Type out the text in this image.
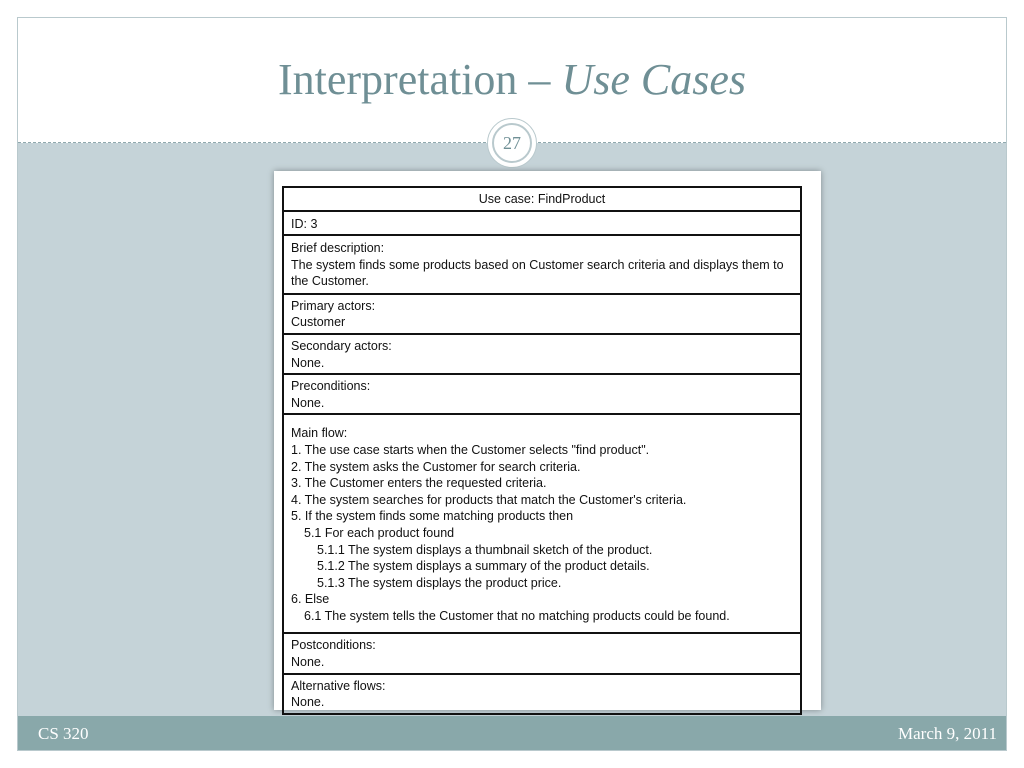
Interpretation – Use Cases
27
Use case: FindProduct
ID: 3
Brief description:
The system finds some products based on Customer search criteria and displays them to the Customer.
Primary actors:
Customer
Secondary actors:
None.
Preconditions:
None.
Main flow:
1. The use case starts when the Customer selects "find product".
2. The system asks the Customer for search criteria.
3. The Customer enters the requested criteria.
4. The system searches for products that match the Customer's criteria.
5. If the system finds some matching products then
5.1 For each product found
5.1.1 The system displays a thumbnail sketch of the product.
5.1.2 The system displays a summary of the product details.
5.1.3 The system displays the product price.
6. Else
6.1 The system tells the Customer that no matching products could be found.
Postconditions:
None.
Alternative flows:
None.
CS 320	March 9, 2011
